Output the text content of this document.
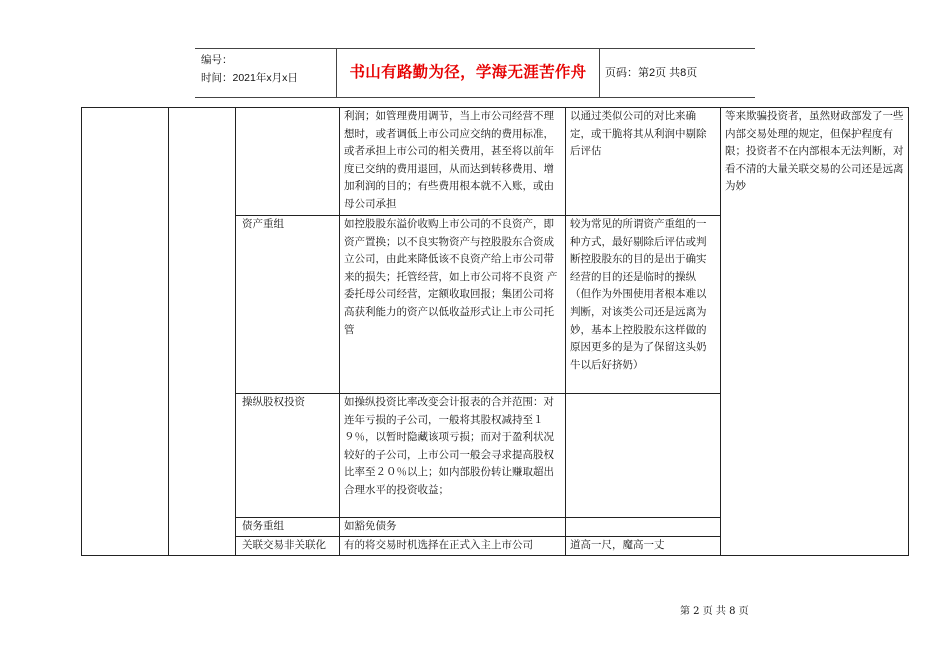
编号：
时间：2021年x月x日	书山有路勤为径，学海无涯苦作舟	页码：第2页 共8页
			利润；如管理费用调节，当上市公司经营不理想时，或者调低上市公司应交纳的费用标准，或者承担上市公司的相关费用，甚至将以前年度已交纳的费用退回，从而达到转移费用、增加利润的目的；有些费用根本就不入账，或由母公司承担	以通过类似公司的对比来确定，或干脆将其从利润中剔除后评估	等来欺骗投资者，虽然财政部发了一些内部交易处理的规定，但保护程度有限；投资者不在内部根本无法判断，对看不清的大量关联交易的公司还是远离为妙
		资产重组	如控股股东溢价收购上市公司的不良资产，即资产置换；以不良实物资产与控股股东合资成立公司，由此来降低该不良资产给上市公司带来的损失；托管经营，如上市公司将不良资 产委托母公司经营，定额收取回报；集团公司将高获利能力的资产以低收益形式让上市公司托管	较为常见的所谓资产重组的一种方式，最好剔除后评估或判断控股股东的目的是出于确实经营的目的还是临时的操纵（但作为外围使用者根本难以判断，对该类公司还是远离为妙，基本上控股股东这样做的原因更多的是为了保留这头奶牛以后好挤奶）	
		操纵股权投资	如操纵投资比率改变会计报表的合并范围：对连年亏损的子公司，一般将其股权减持至１９％，以暂时隐藏该项亏损；而对于盈利状况较好的子公司，上市公司一般会寻求提高股权比率至２０％以上；如内部股份转让赚取超出合理水平的投资收益；		
		债务重组	如豁免债务		
		关联交易非关联化	有的将交易时机选择在正式入主上市公司	道高一尺，魔高一丈	
第 2 页 共 8 页
